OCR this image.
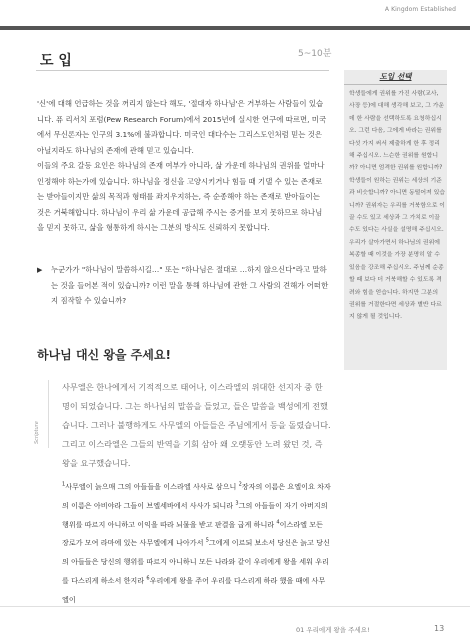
A Kingdom Established
도 입	5~10분

'신'에 대해 언급하는 것을 꺼리지 않는다 해도, '절대자 하나님'은 거부하는 사람들이 있습니다. 퓨 리서치 포럼(Pew Research Forum)에서 2015년에 실시한 연구에 따르면, 미국에서 무신론자는 인구의 3.1%에 불과합니다. 미국인 대다수는 그리스도인처럼 믿는 것은 아닐지라도 하나님의 존재에 관해 믿고 있습니다.

이들의 주요 갈등 요인은 하나님의 존재 여부가 아니라, 삶 가운데 하나님의 권위를 얼마나 인정해야 하는가에 있습니다. 하나님을 정신을 고양시키거나 힘들 때 기댈 수 있는 존재로는 받아들이지만 삶의 목적과 형태를 좌지우지하는, 즉 순종해야 하는 존재로 받아들이는 것은 거북해합니다. 하나님이 우리 삶 가운데 공급해 주시는 증거를 보지 못하므로 하나님을 믿지 못하고, 삶을 형통하게 하시는 그분의 방식도 신뢰하지 못합니다.

▶	누군가가 "하나님이 말씀하시길…" 또는 "하나님은 절대로 …하지 않으신다"라고 말하는 것을 들어본 적이 있습니까? 이런 말을 통해 하나님에 관한 그 사람의 견해가 어떠한지 짐작할 수 있습니까?
하나님 대신 왕을 주세요!
Scripture
사무엘은 한나에게서 기적적으로 태어나, 이스라엘의 위대한 선지자 중 한 명이 되었습니다. 그는 하나님의 말씀을 들었고, 들은 말씀을 백성에게 전했습니다. 그러나 불행하게도 사무엘의 아들들은 주님에게서 등을 돌렸습니다. 그리고 이스라엘은 그들의 반역을 기회 삼아 왜 오랫동안 노려 왔던 것, 즉 왕을 요구했습니다.
$^1$사무엘이 늙으매 그의 아들들을 이스라엘 사사로 삼으니 $^2$장자의 이름은 요엘이요 차자의 이름은 아비야라 그들이 브엘세바에서 사사가 되니라 $^3$그의 아들들이 자기 아버지의 행위를 따르지 아니하고 이익을 따라 뇌물을 받고 판결을 굽게 하니라 $^4$이스라엘 모든 장로가 모여 라마에 있는 사무엘에게 나아가서 $^5$그에게 이르되 보소서 당신은 늙고 당신의 아들들은 당신의 행위를 따르지 아니하니 모든 나라와 같이 우리에게 왕을 세워 우리를 다스리게 하소서 한지라 $^6$우리에게 왕을 주어 우리를 다스리게 하라 했을 때에 사무엘이
도입 선택
학생들에게 권위를 가진 사람(교사, 사장 등)에 대해 생각해 보고, 그 가운데 한 사람을 선택하도록 요청하십시오. 그런 다음, 그에게 바라는 권위를 다섯 가지 써서 제출하게 한 후 정리해 주십시오. 느슨한 권위를 원합니까? 아니면 엄격한 권위를 원합니까? 학생들이 원하는 권위는 세상의 기준과 비슷합니까? 아니면 동떨어져 있습니까? 권위자는 우리를 거북함으로 이끌 수도 있고 세상과 그 가치로 이끌 수도 있다는 사실을 설명해 주십시오. 우리가 살아가면서 하나님의 권위에 복종할 때 이것을 가장 분명히 알 수 있음을 강조해 주십시오. 주님께 순종할 때 보다 더 거북해할 수 있도록 격려와 힘을 얻습니다. 하지만 그분의 권위를 거절한다면 세상과 별반 다르지 않게 될 것입니다.
01 우리에게 왕을 주세요!	13
